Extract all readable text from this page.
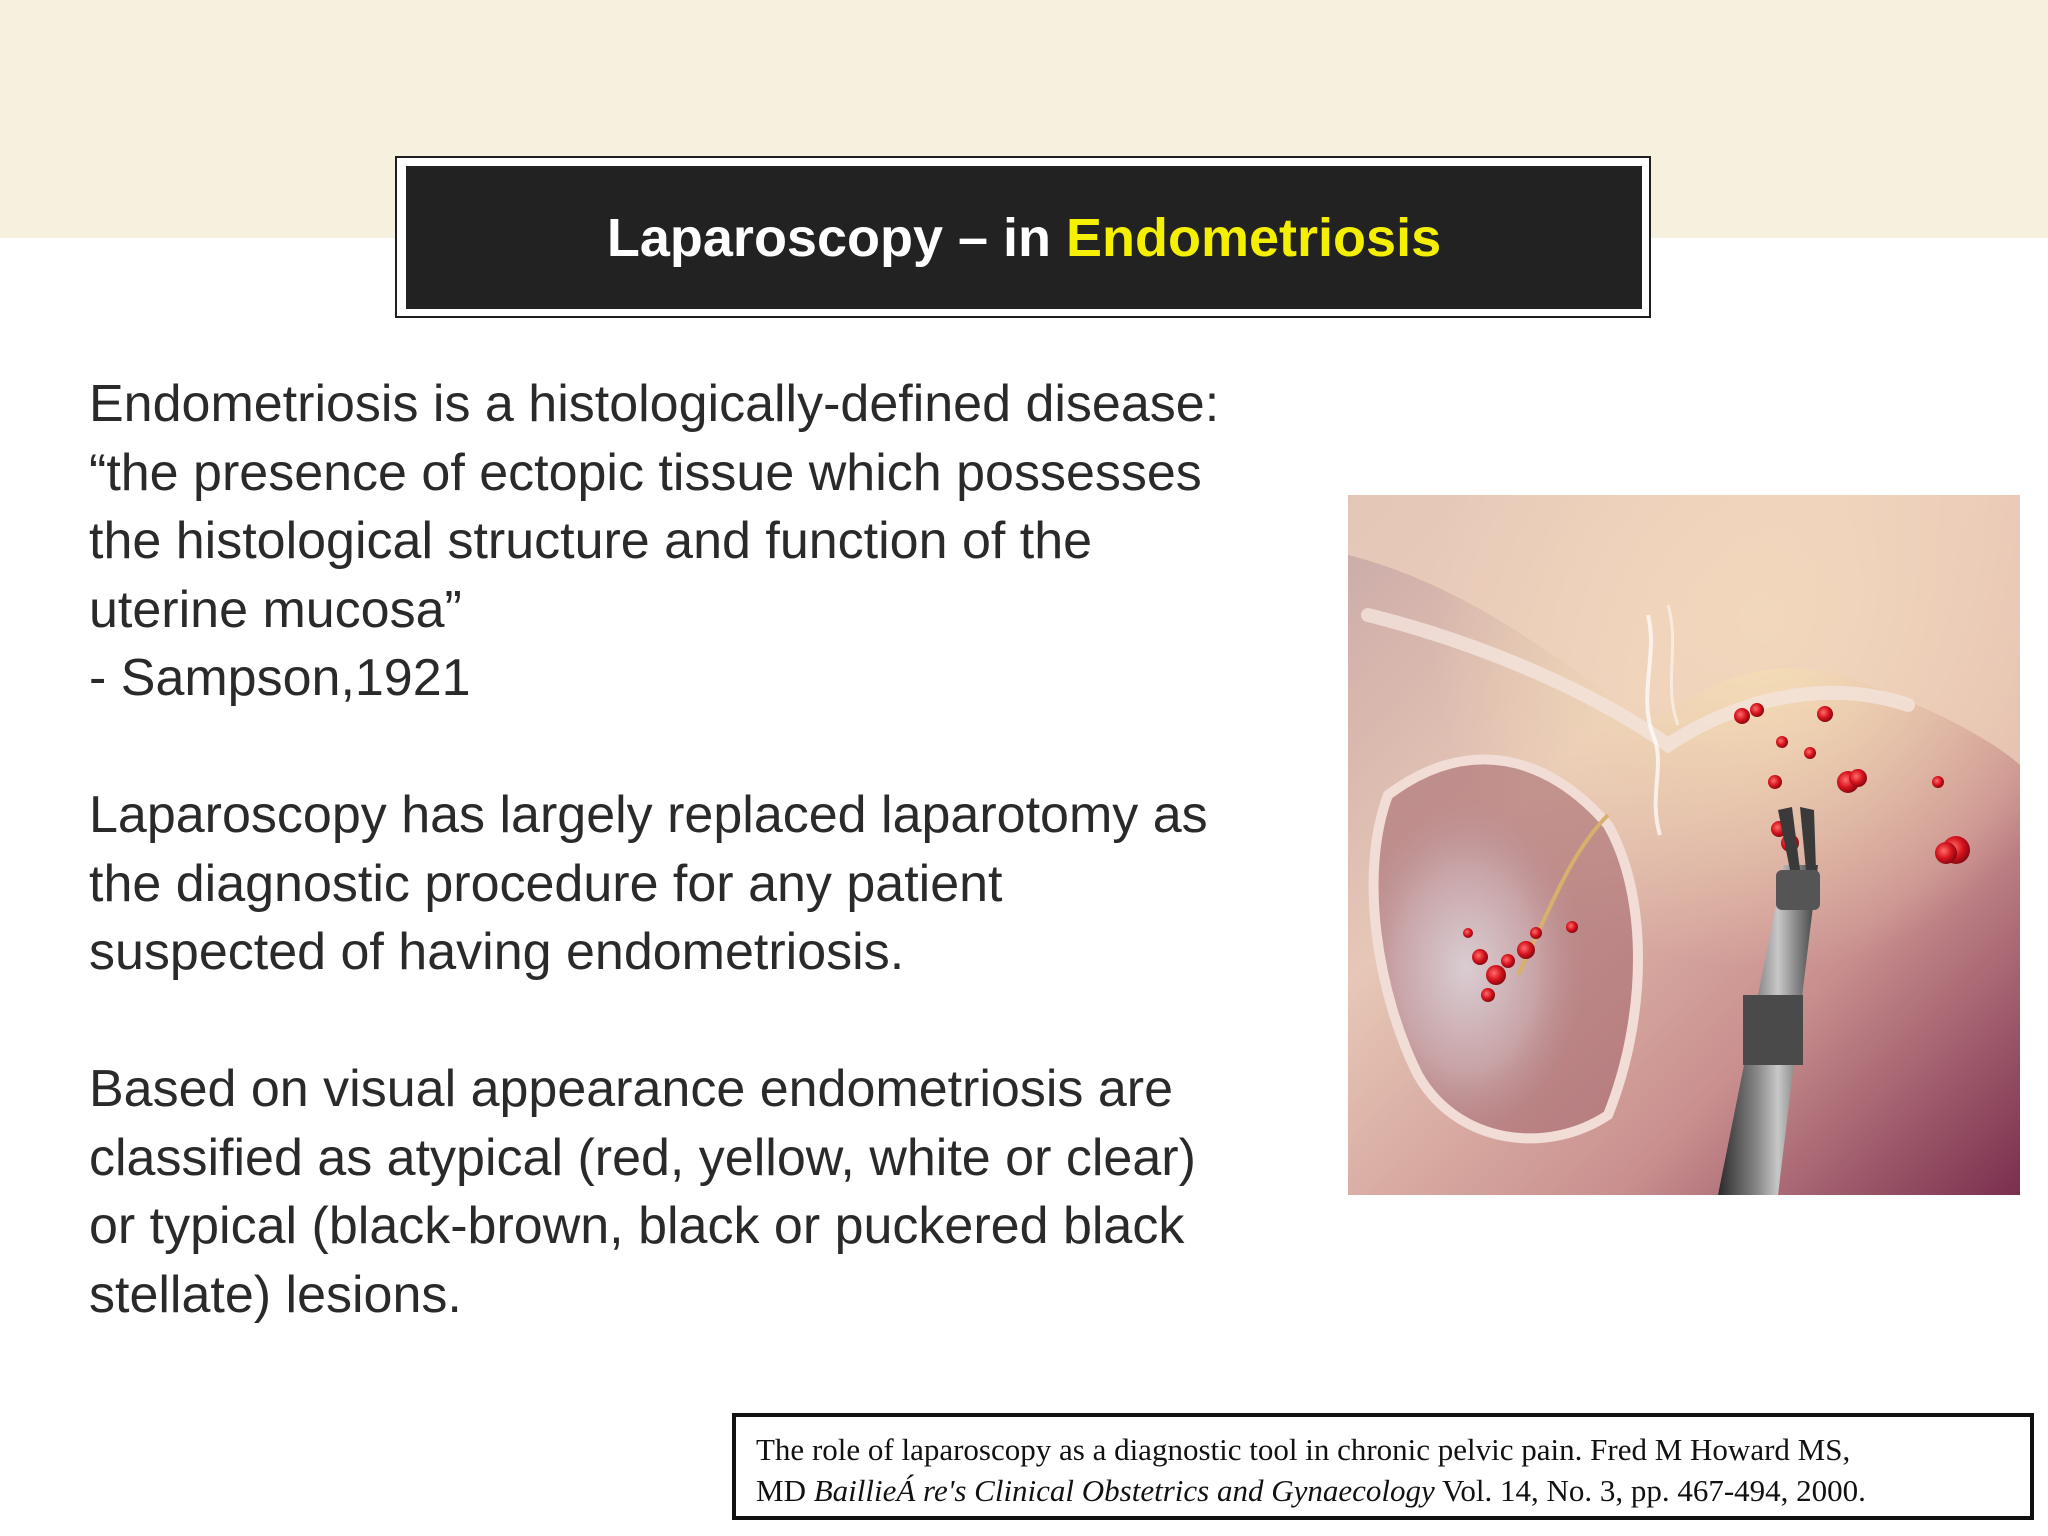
Laparoscopy – in Endometriosis

Endometriosis is a histologically-defined disease:
“the presence of ectopic tissue which possesses
the histological structure and function of the
uterine mucosa”
- Sampson,1921

Laparoscopy has largely replaced laparotomy as
the diagnostic procedure for any patient
suspected of having endometriosis.

Based on visual appearance endometriosis are
classified as atypical (red, yellow, white or clear)
or typical (black-brown, black or puckered black
stellate) lesions.

The role of laparoscopy as a diagnostic tool in chronic pelvic pain. Fred M Howard MS,
MD BaillieÁ re's Clinical Obstetrics and Gynaecology Vol. 14, No. 3, pp. 467-494, 2000.
